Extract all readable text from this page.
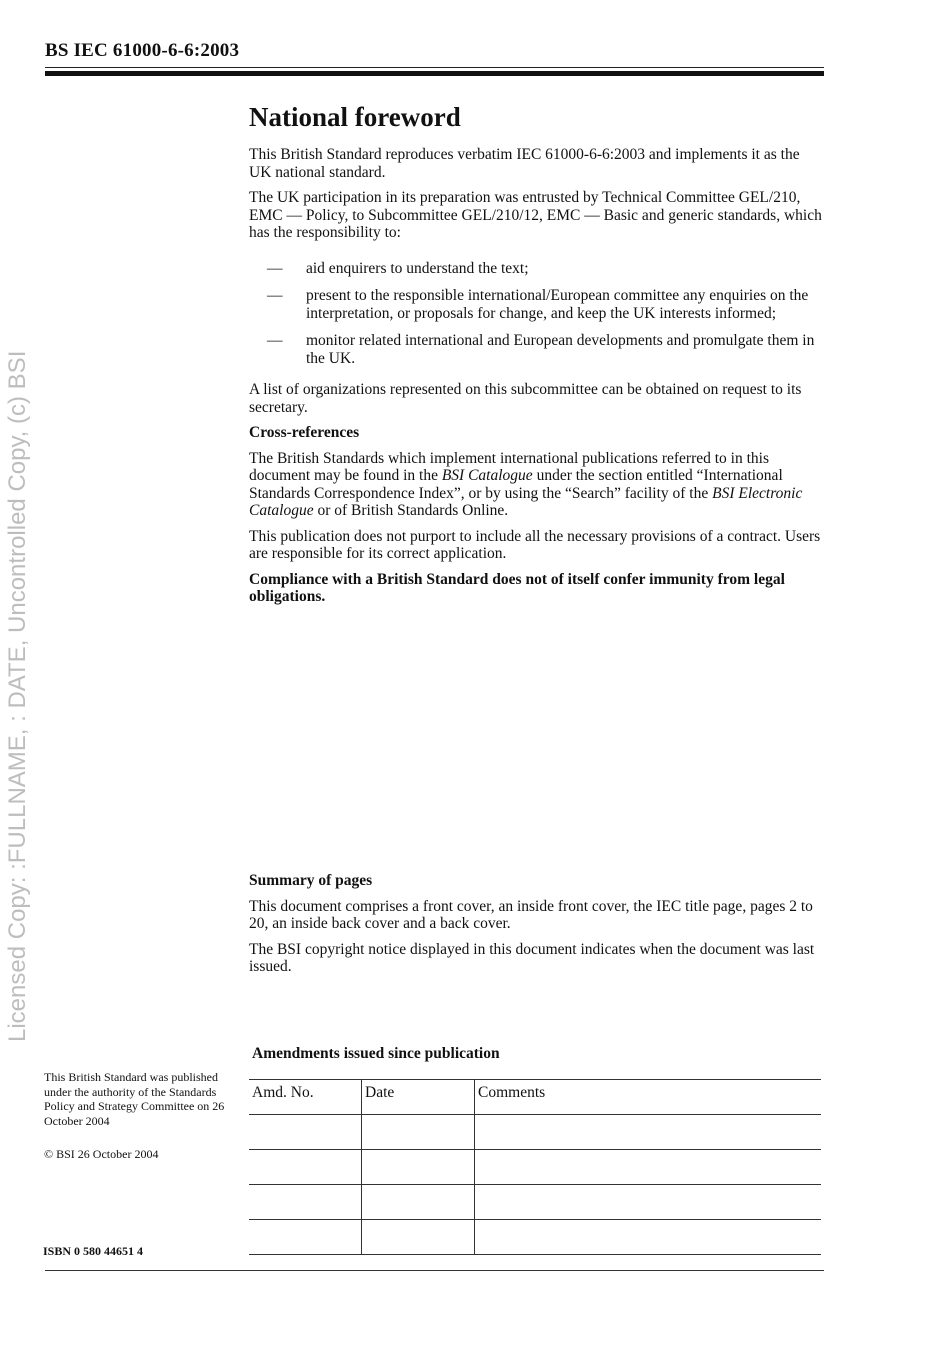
BS IEC 61000-6-6:2003
Licensed Copy: :FULLNAME, : DATE, Uncontrolled Copy, (c) BSI
National foreword

This British Standard reproduces verbatim IEC 61000-6-6:2003 and implements it as the UK national standard.

The UK participation in its preparation was entrusted by Technical Committee GEL/210, EMC — Policy, to Subcommittee GEL/210/12, EMC — Basic and generic standards, which has the responsibility to:

— aid enquirers to understand the text;
— present to the responsible international/European committee any enquiries on the interpretation, or proposals for change, and keep the UK interests informed;
— monitor related international and European developments and promulgate them in the UK.

A list of organizations represented on this subcommittee can be obtained on request to its secretary.

Cross-references

The British Standards which implement international publications referred to in this document may be found in the BSI Catalogue under the section entitled “International Standards Correspondence Index”, or by using the “Search” facility of the BSI Electronic Catalogue or of British Standards Online.

This publication does not purport to include all the necessary provisions of a contract. Users are responsible for its correct application.

Compliance with a British Standard does not of itself confer immunity from legal obligations.

Summary of pages

This document comprises a front cover, an inside front cover, the IEC title page, pages 2 to 20, an inside back cover and a back cover.

The BSI copyright notice displayed in this document indicates when the document was last issued.

Amendments issued since publication
Amd. No.	Date	Comments

This British Standard was published under the authority of the Standards Policy and Strategy Committee on 26 October 2004

© BSI 26 October 2004

ISBN 0 580 44651 4
